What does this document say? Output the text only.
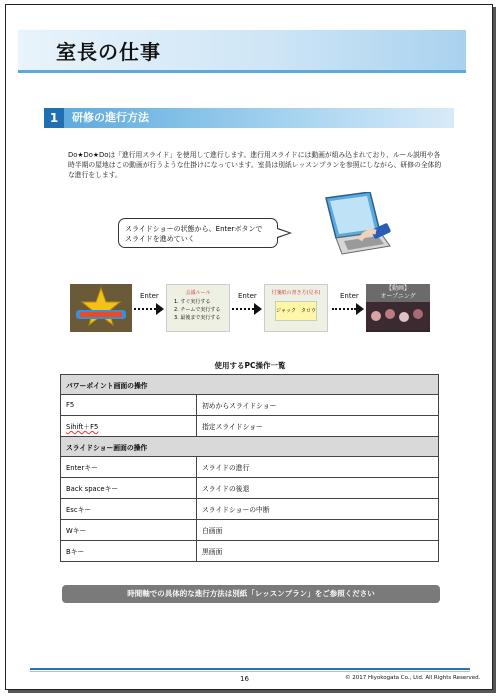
室長の仕事
1	研修の進行方法
Do★Do★Doは「進行用スライド」を使用して進行します。進行用スライドには動画が組み込まれており、ルール説明や各時半期の屋地はこの動画が行うような仕掛けになっています。室員は別紙レッスンプランを参照にしながら、研修の全体的な進行をします。
スライドショーの状態から、Enterボタンで
スライドを進めていく
会議ルール
1. すぐ実行する
2. チームで実行する
3. 最後まで実行する
付箋紙の書き方(見本)
ジャック　タロウ
【動画】
オープニング
Enter	Enter	Enter
使用するPC操作一覧
パワーポイント画面の操作	
F5	初めからスライドショー
Sihift＋F5	指定スライドショー
スライドショー画面の操作	
Enterキー	スライドの進行
Back spaceキー	スライドの後退
Escキー	スライドショーの中断
Wキー	白画面
Bキー	黒画面
時間軸での具体的な進行方法は別紙「レッスンプラン」をご参照ください
16	© 2017 Hiyokogata Co., Ltd. All Rights Reserved.
